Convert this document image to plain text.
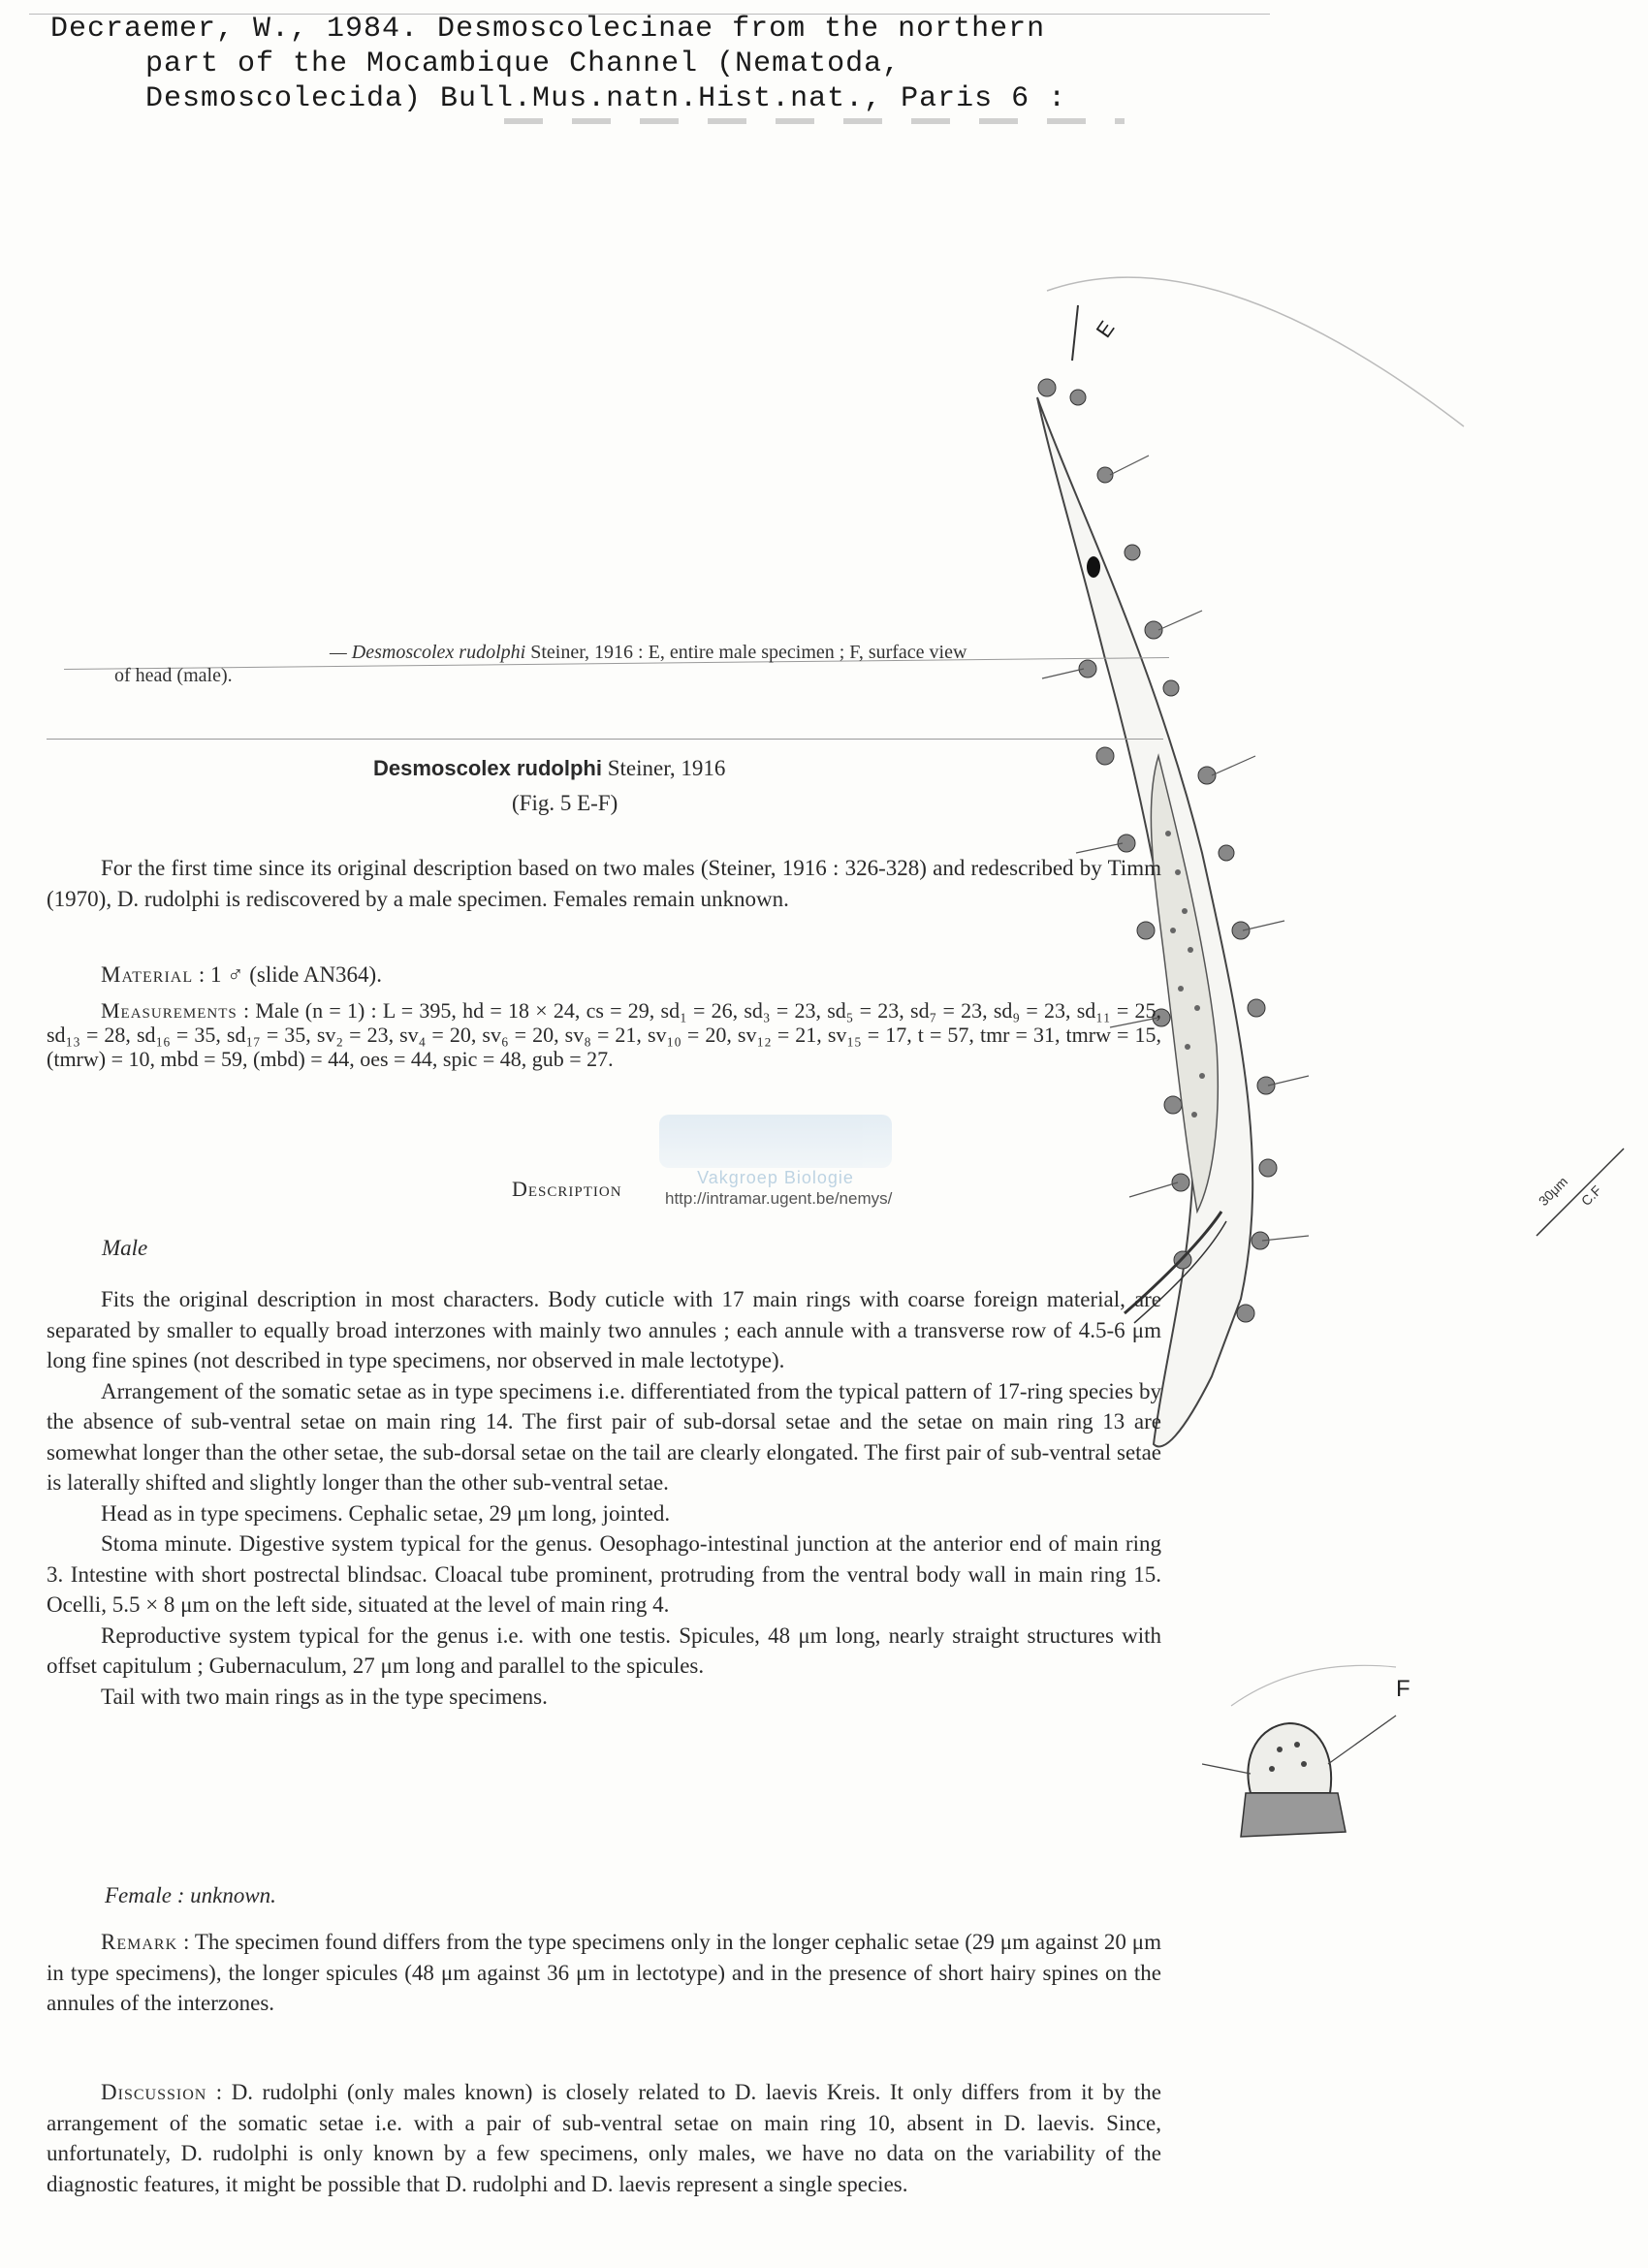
Decraemer, W., 1984. Desmoscolecinae from the northern
part of the Mocambique Channel (Nematoda,
Desmoscolecida) Bull.Mus.natn.Hist.nat., Paris 6 :
E
30μm C.F
F
— Desmoscolex rudolphi Steiner, 1916 : E, entire male specimen ; F, surface view
of head (male).
Desmoscolex rudolphi Steiner, 1916
(Fig. 5 E-F)
For the first time since its original description based on two males (Steiner, 1916 : 326-328) and redescribed by Timm (1970), D. rudolphi is rediscovered by a male specimen. Females remain unknown.
Material : 1 ♂ (slide AN364).
Measurements : Male (n = 1) : L = 395, hd = 18 × 24, cs = 29, sd₁ = 26, sd₃ = 23, sd₅ = 23, sd₇ = 23, sd₉ = 23, sd₁₁ = 25, sd₁₃ = 28, sd₁₆ = 35, sd₁₇ = 35, sv₂ = 23, sv₄ = 20, sv₆ = 20, sv₈ = 21, sv₁₀ = 20, sv₁₂ = 21, sv₁₅ = 17, t = 57, tmr = 31, tmrw = 15, (tmrw) = 10, mbd = 59, (mbd) = 44, oes = 44, spic = 48, gub = 27.
Vakgroep Biologie
http://intramar.ugent.be/nemys/
Description
Male

Fits the original description in most characters. Body cuticle with 17 main rings with coarse foreign material, are separated by smaller to equally broad interzones with mainly two annules ; each annule with a transverse row of 4.5-6 μm long fine spines (not described in type specimens, nor observed in male lectotype).

Arrangement of the somatic setae as in type specimens i.e. differentiated from the typical pattern of 17-ring species by the absence of sub-ventral setae on main ring 14. The first pair of sub-dorsal setae and the setae on main ring 13 are somewhat longer than the other setae, the sub-dorsal setae on the tail are clearly elongated. The first pair of sub-ventral setae is laterally shifted and slightly longer than the other sub-ventral setae.

Head as in type specimens. Cephalic setae, 29 μm long, jointed.

Stoma minute. Digestive system typical for the genus. Oesophago-intestinal junction at the anterior end of main ring 3. Intestine with short postrectal blindsac. Cloacal tube prominent, protruding from the ventral body wall in main ring 15. Ocelli, 5.5 × 8 μm on the left side, situated at the level of main ring 4.

Reproductive system typical for the genus i.e. with one testis. Spicules, 48 μm long, nearly straight structures with offset capitulum ; Gubernaculum, 27 μm long and parallel to the spicules.

Tail with two main rings as in the type specimens.

Female : unknown.
Remark : The specimen found differs from the type specimens only in the longer cephalic setae (29 μm against 20 μm in type specimens), the longer spicules (48 μm against 36 μm in lectotype) and in the presence of short hairy spines on the annules of the interzones.
Discussion : D. rudolphi (only males known) is closely related to D. laevis Kreis. It only differs from it by the arrangement of the somatic setae i.e. with a pair of sub-ventral setae on main ring 10, absent in D. laevis. Since, unfortunately, D. rudolphi is only known by a few specimens, only males, we have no data on the variability of the diagnostic features, it might be possible that D. rudolphi and D. laevis represent a single species.
